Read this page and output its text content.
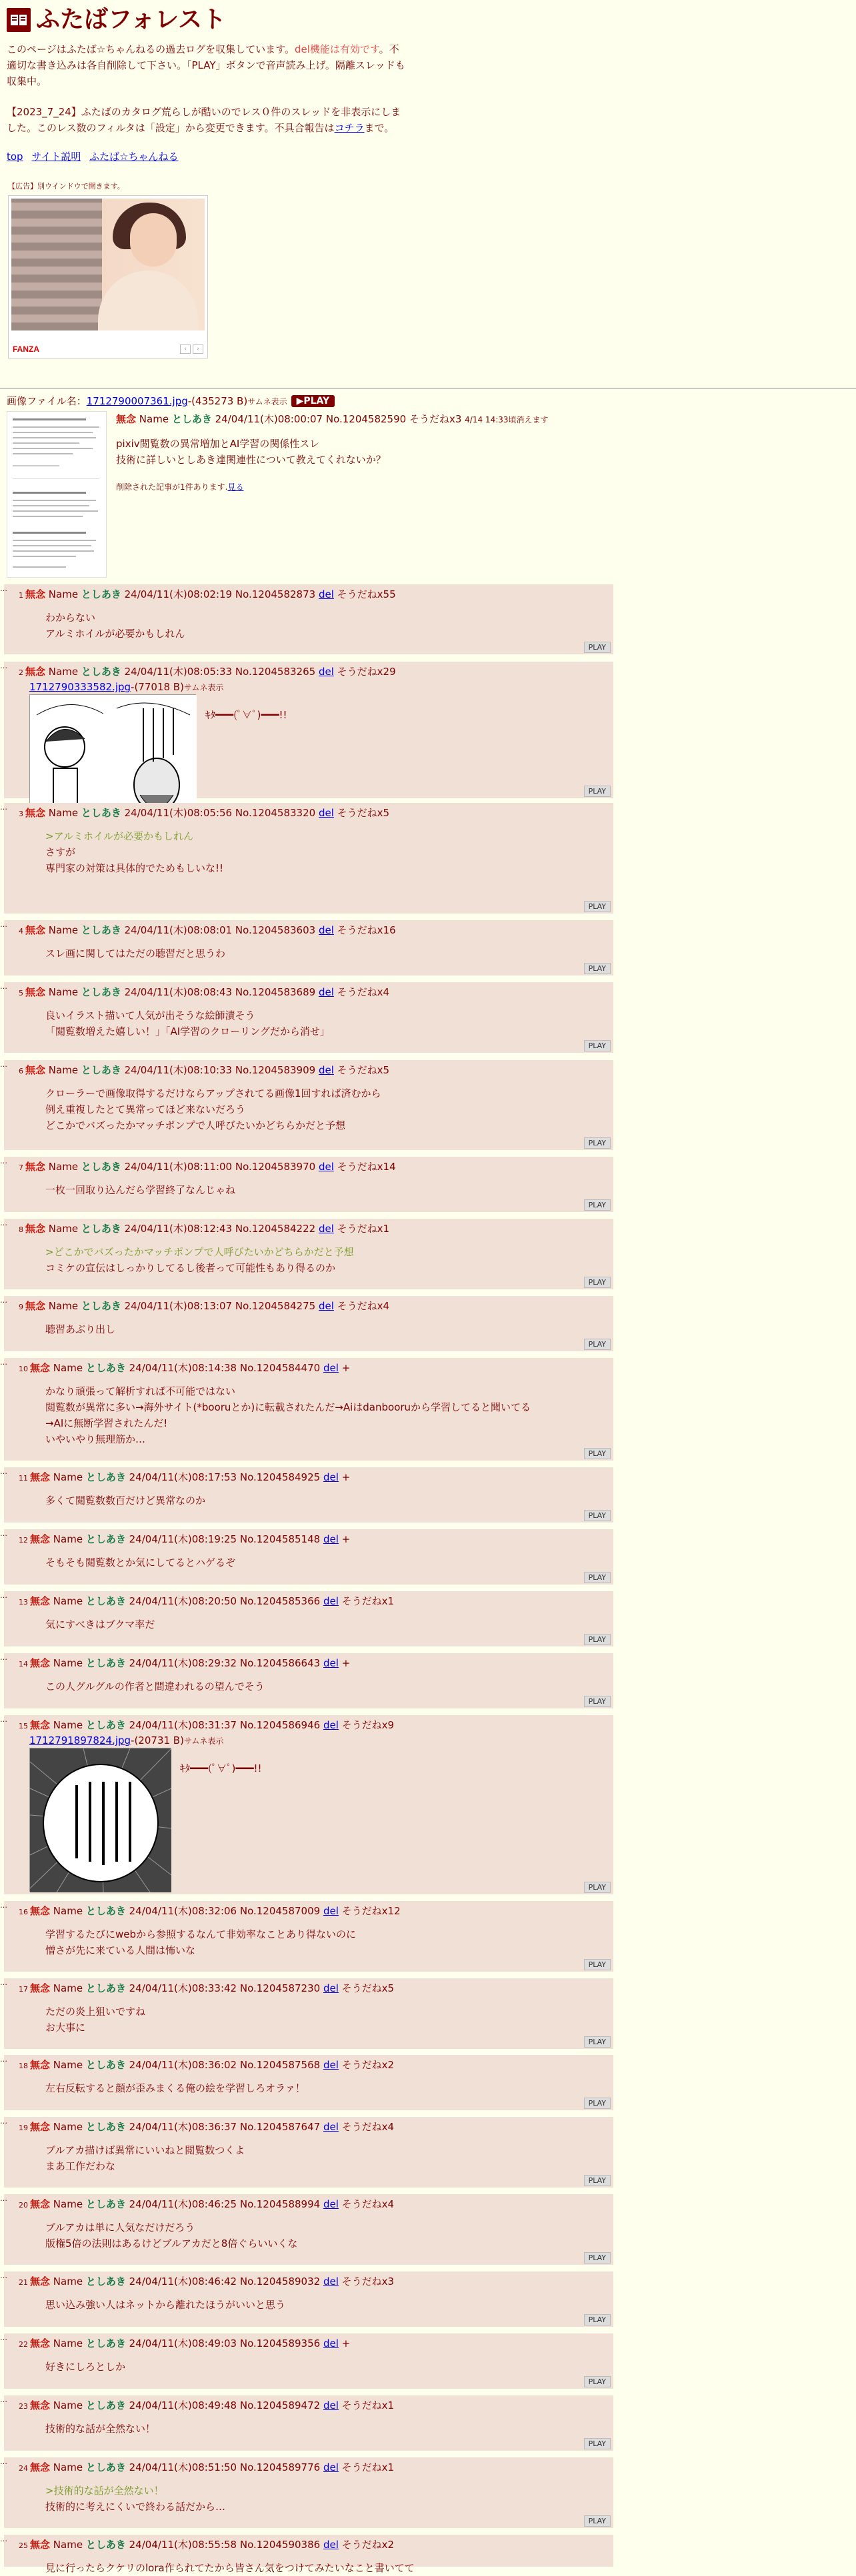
ふたばフォレスト

このページはふたば☆ちゃんねるの過去ログを収集しています。del機能は有効です。不適切な書き込みは各自削除して下さい。「PLAY」ボタンで音声読み上げ。隔離スレッドも収集中。

【2023_7_24】ふたばのカタログ荒らしが酷いのでレス０件のスレッドを非表示にしました。このレス数のフィルタは「設定」から変更できます。不具合報告はコチラまで。

top サイト説明 ふたば☆ちゃんねる
【広告】別ウインドウで開きます。
FANZA	‹	›
画像ファイル名：1712790007361.jpg-(435273 B)サムネ表示 ▶PLAY
無念 Name としあき 24/04/11(木)08:00:07 No.1204582590 そうだねx3 4/14 14:33頃消えます
pixiv閲覧数の異常増加とAI学習の関係性スレ
技術に詳しいとしあき達関連性について教えてくれないか？
削除された記事が1件あります.見る
…
1 無念 Name としあき 24/04/11(木)08:02:19 No.1204582873 del そうだねx55
わからない
アルミホイルが必要かもしれん
PLAY
…
2 無念 Name としあき 24/04/11(木)08:05:33 No.1204583265 del そうだねx29
1712790333582.jpg-(77018 B)サムネ表示
ｷﾀ━━━(ﾟ∀ﾟ)━━━!!
PLAY
…
3 無念 Name としあき 24/04/11(木)08:05:56 No.1204583320 del そうだねx5
>アルミホイルが必要かもしれん
さすが
専門家の対策は具体的でためもしいな!!
PLAY
…
4 無念 Name としあき 24/04/11(木)08:08:01 No.1204583603 del そうだねx16
スレ画に関してはただの聴習だと思うわ
PLAY
…
5 無念 Name としあき 24/04/11(木)08:08:43 No.1204583689 del そうだねx4
良いイラスト描いて人気が出そうな絵師漬そう
「閲覧数増えた嬉しい！」「AI学習のクローリングだから消せ」
PLAY
…
6 無念 Name としあき 24/04/11(木)08:10:33 No.1204583909 del そうだねx5
クローラーで画像取得するだけならアップされてる画像1回すれば済むから
例え重複したとて異常ってほど来ないだろう
どこかでバズったかマッチポンプで人呼びたいかどちらかだと予想
PLAY
…
7 無念 Name としあき 24/04/11(木)08:11:00 No.1204583970 del そうだねx14
一枚一回取り込んだら学習終了なんじゃね
PLAY
…
8 無念 Name としあき 24/04/11(木)08:12:43 No.1204584222 del そうだねx1
>どこかでバズったかマッチポンプで人呼びたいかどちらかだと予想
コミケの宣伝はしっかりしてるし後者って可能性もあり得るのか
PLAY
…
9 無念 Name としあき 24/04/11(木)08:13:07 No.1204584275 del そうだねx4
聴習あぶり出し
PLAY
…
10 無念 Name としあき 24/04/11(木)08:14:38 No.1204584470 del +
かなり頑張って解析すれば不可能ではない
閲覧数が異常に多い→海外サイト(*booruとか)に転載されたんだ→Aiはdanbooruから学習してると聞いてる
→AIに無断学習されたんだ!
いやいやり無理筋か…
PLAY
…
11 無念 Name としあき 24/04/11(木)08:17:53 No.1204584925 del +
多くて閲覧数数百だけど異常なのか
PLAY
…
12 無念 Name としあき 24/04/11(木)08:19:25 No.1204585148 del +
そもそも閲覧数とか気にしてるとハゲるぞ
PLAY
…
13 無念 Name としあき 24/04/11(木)08:20:50 No.1204585366 del そうだねx1
気にすべきはブクマ率だ
PLAY
…
14 無念 Name としあき 24/04/11(木)08:29:32 No.1204586643 del +
この人グルグルの作者と間違われるの望んでそう
PLAY
…
15 無念 Name としあき 24/04/11(木)08:31:37 No.1204586946 del そうだねx9
1712791897824.jpg-(20731 B)サムネ表示
ｷﾀ━━━(ﾟ∀ﾟ)━━━!!
PLAY
…
16 無念 Name としあき 24/04/11(木)08:32:06 No.1204587009 del そうだねx12
学習するたびにwebから参照するなんて非効率なことあり得ないのに
憎さが先に来ている人間は怖いな
PLAY
…
17 無念 Name としあき 24/04/11(木)08:33:42 No.1204587230 del そうだねx5
ただの炎上狙いですね
お大事に
PLAY
…
18 無念 Name としあき 24/04/11(木)08:36:02 No.1204587568 del そうだねx2
左右反転すると顔が歪みまくる俺の絵を学習しろオラァ！
PLAY
…
19 無念 Name としあき 24/04/11(木)08:36:37 No.1204587647 del そうだねx4
ブルアカ描けば異常にいいねと閲覧数つくよ
まあ工作だわな
PLAY
…
20 無念 Name としあき 24/04/11(木)08:46:25 No.1204588994 del そうだねx4
ブルアカは単に人気なだけだろう
版権5倍の法則はあるけどブルアカだと8倍ぐらいいくな
PLAY
…
21 無念 Name としあき 24/04/11(木)08:46:42 No.1204589032 del そうだねx3
思い込み強い人はネットから離れたほうがいいと思う
PLAY
…
22 無念 Name としあき 24/04/11(木)08:49:03 No.1204589356 del +
好きにしろとしか
PLAY
…
23 無念 Name としあき 24/04/11(木)08:49:48 No.1204589472 del そうだねx1
技術的な話が全然ない！
PLAY
…
24 無念 Name としあき 24/04/11(木)08:51:50 No.1204589776 del そうだねx1
>技術的な話が全然ない！
技術的に考えにくいで終わる話だから…
PLAY
…
25 無念 Name としあき 24/04/11(木)08:55:58 No.1204590386 del そうだねx2
見に行ったらクケリのlora作られてたから皆さん気をつけてみたいなこと書いてて
